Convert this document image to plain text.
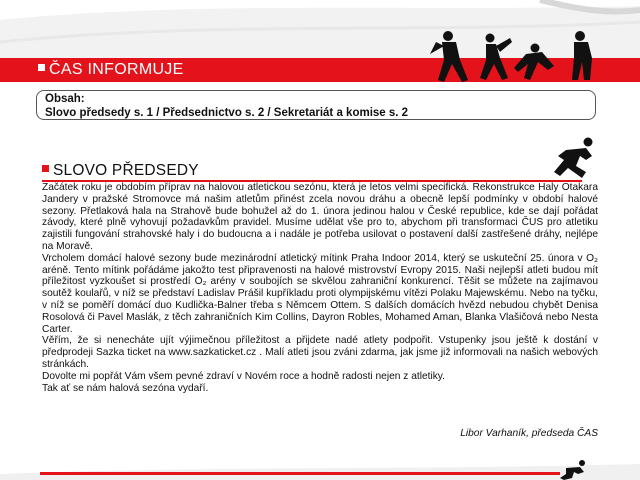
ČAS INFORMUJE
Obsah:
Slovo předsedy s. 1 / Předsednictvo s. 2 / Sekretariát a komise s. 2
SLOVO PŘEDSEDY

Začátek roku je obdobím příprav na halovou atletickou sezónu, která je letos velmi specifická. Rekonstrukce Haly Otakara Jandery v pražské Stromovce má našim atletům přinést zcela novou dráhu a obecně lepší podmínky v období halové sezony. Přetlaková hala na Strahově bude bohužel až do 1. února jedinou halou v České republice, kde se dají pořádat závody, které plně vyhovují požadavkům pravidel. Musíme udělat vše pro to, abychom při transformaci ČUS pro atletiku zajistili fungování strahovské haly i do budoucna a i nadále je potřeba usilovat o postavení další zastřešené dráhy, nejlépe na Moravě.

Vrcholem domácí halové sezony bude mezinárodní atletický mítink Praha Indoor 2014, který se uskuteční 25. února v O₂ aréně. Tento mítink pořádáme jakožto test připravenosti na halové mistrovství Evropy 2015. Naši nejlepší atleti budou mít příležitost vyzkoušet si prostředí O₂ arény v soubojích se skvělou zahraniční konkurencí. Těšit se můžete na zajímavou soutěž koulařů, v níž se představí Ladislav Prášil kupříkladu proti olympijskému vítězi Polaku Majewskému. Nebo na tyčku, v níž se poměří domácí duo Kudlička-Balner třeba s Němcem Ottem. S dalších domácích hvězd nebudou chybět Denisa Rosolová či Pavel Maslák, z těch zahraničních Kim Collins, Dayron Robles, Mohamed Aman, Blanka Vlašičová nebo Nesta Carter.

Věřím, že si nenecháte ujít výjimečnou příležitost a přijdete nadé atlety podpořit. Vstupenky jsou ještě k dostání v předprodeji Sazka ticket na www.sazkaticket.cz . Malí atleti jsou zváni zdarma, jak jsme již informovali na našich webových stránkách.

Dovolte mi popřát Vám všem pevné zdraví v Novém roce a hodně radosti nejen z atletiky.

Tak ať se nám halová sezóna vydaří.

Libor Varhaník, předseda ČAS
